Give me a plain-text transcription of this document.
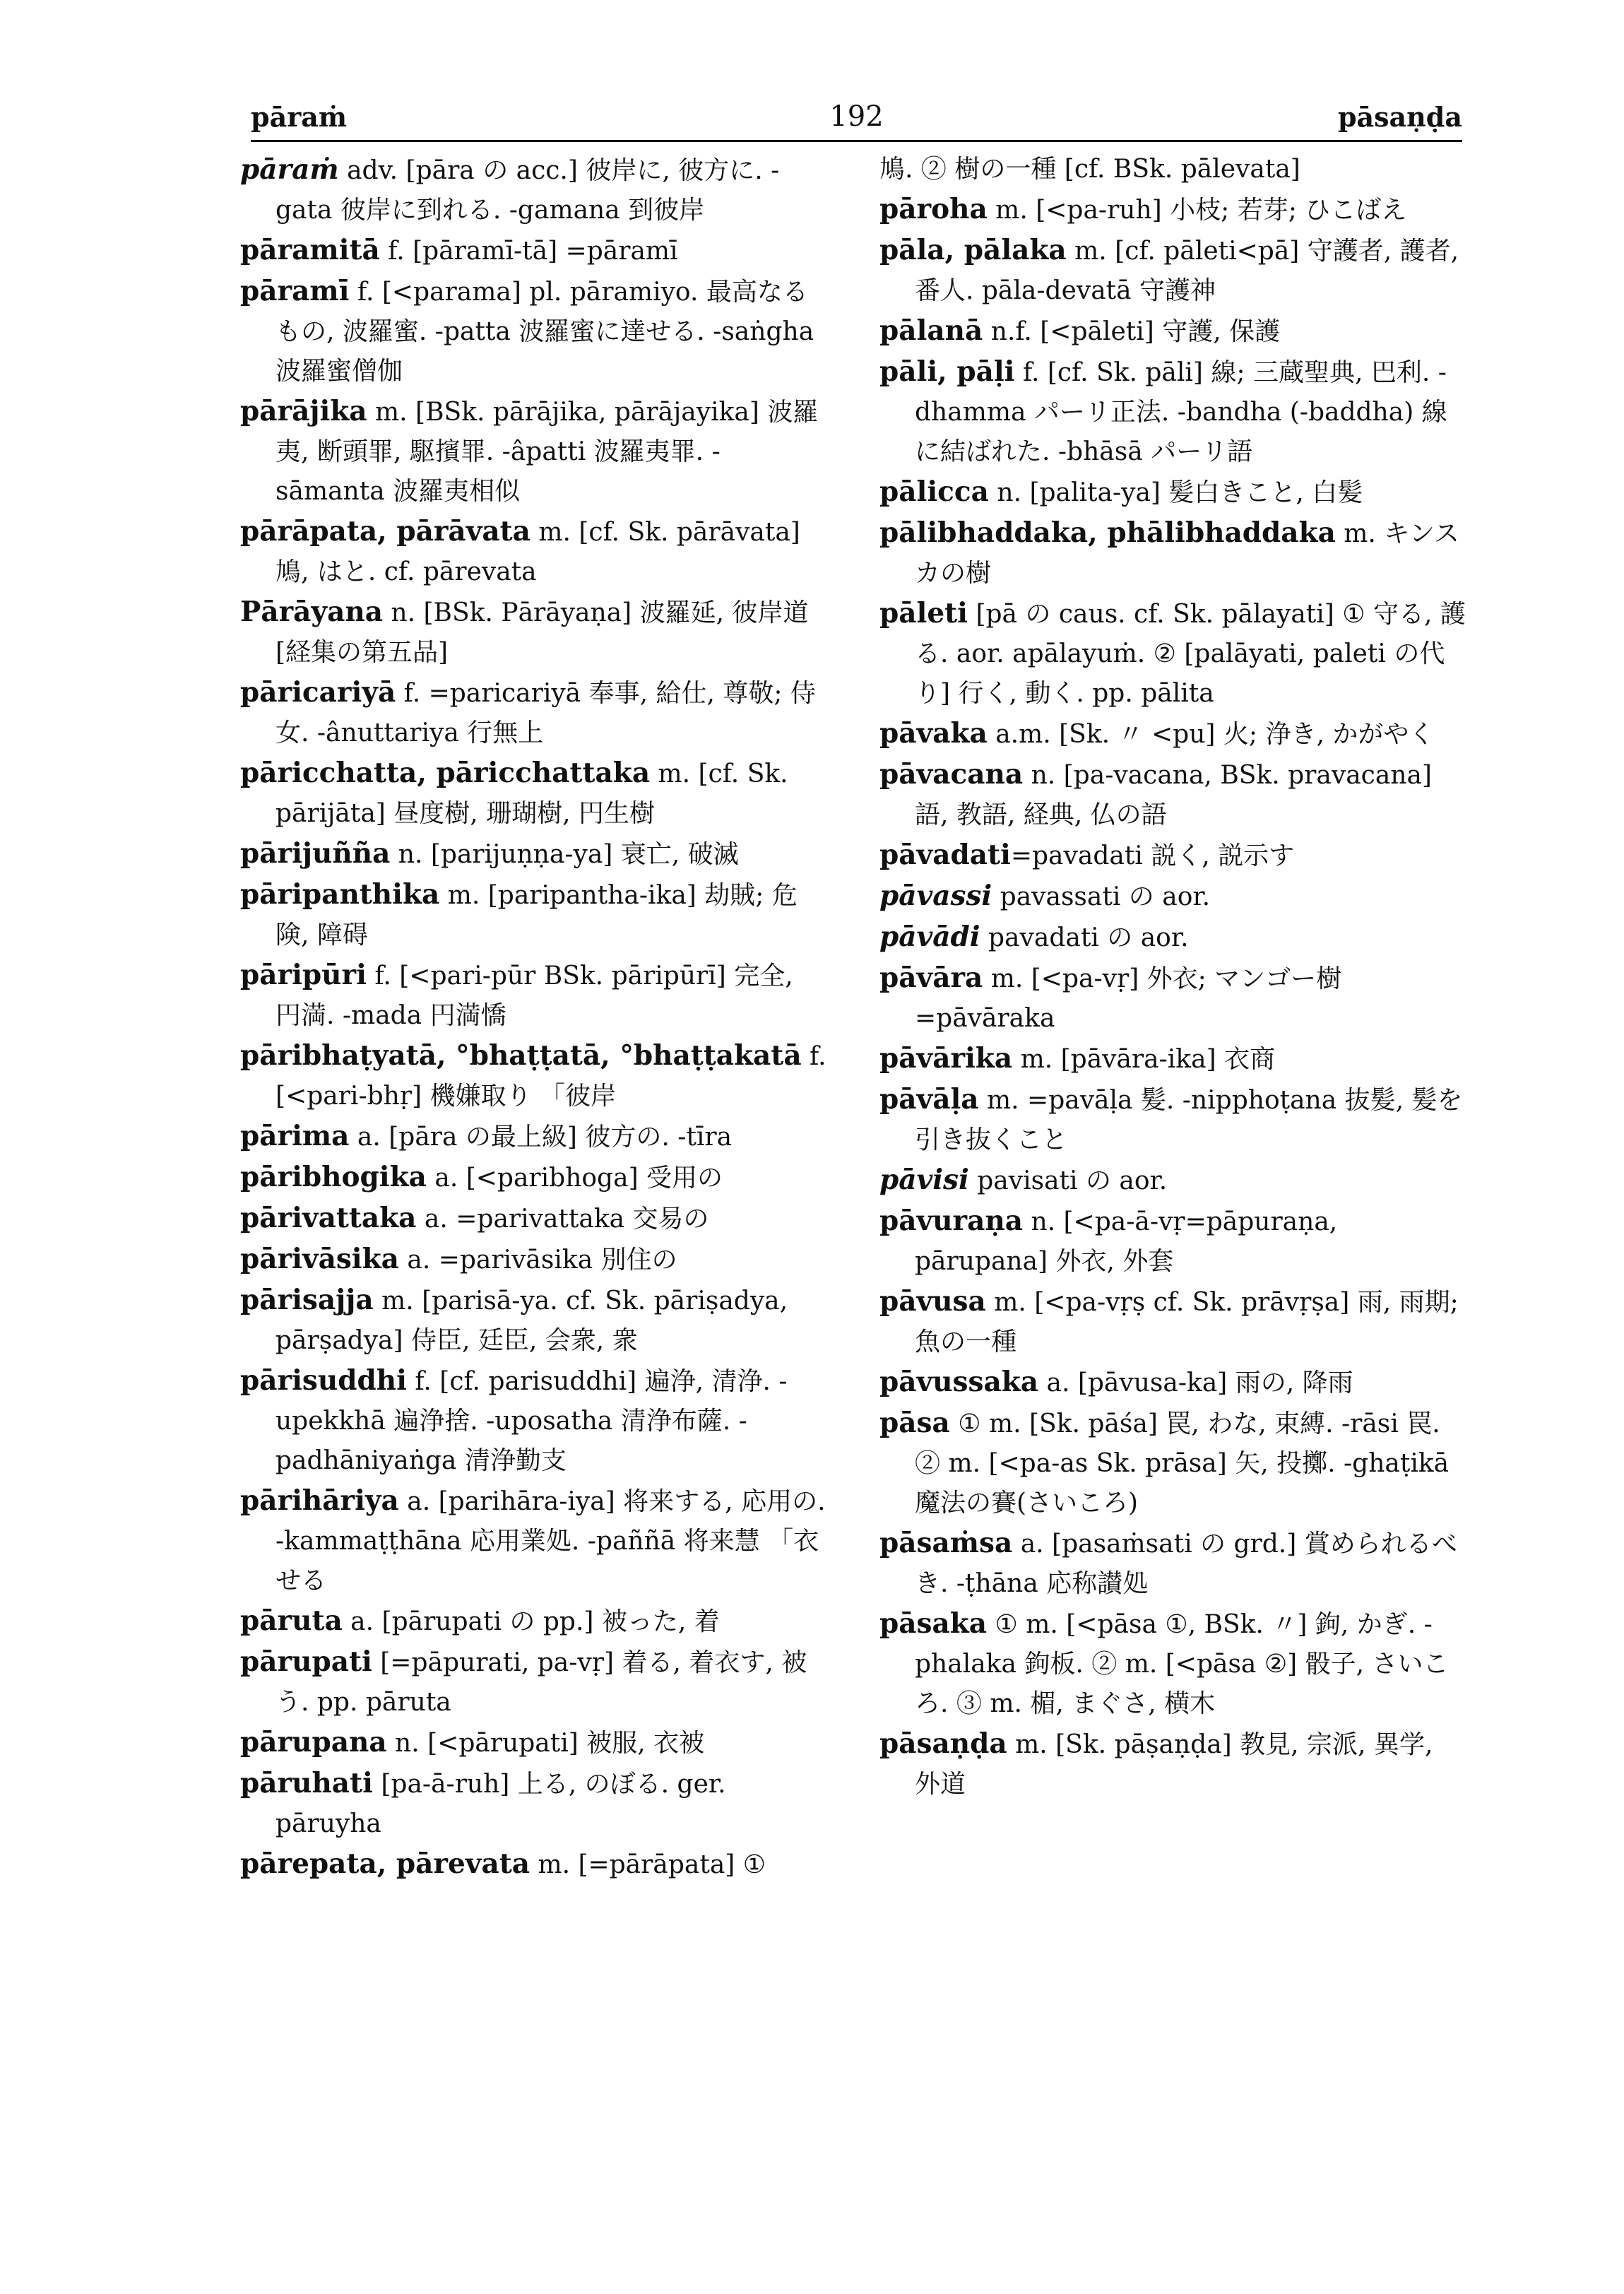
pāraṁ	192	pāsaṇḍa

pāraṁ adv. [pāra の acc.] 彼岸に, 彼方に. -gata 彼岸に到れる. -gamana 到彼岸

pāramitā f. [pāramī-tā] =pāramī

pāramī f. [<parama] pl. pāramiyo. 最高なるもの, 波羅蜜. -patta 波羅蜜に達せる. -saṅgha 波羅蜜僧伽

pārājika m. [BSk. pārājika, pārājayika] 波羅夷, 断頭罪, 駆擯罪. -âpatti 波羅夷罪. -sāmanta 波羅夷相似

pārāpata, pārāvata m. [cf. Sk. pārāvata] 鳩, はと. cf. pārevata

Pārāyana n. [BSk. Pārāyaṇa] 波羅延, 彼岸道[経集の第五品]

pāricariyā f. =paricariyā 奉事, 給仕, 尊敬; 侍女. -ânuttariya 行無上

pāricchatta, pāricchattaka m. [cf. Sk. pārijāta] 昼度樹, 珊瑚樹, 円生樹

pārijuñña n. [parijuṇṇa-ya] 衰亡, 破滅

pāripanthika m. [paripantha-ika] 劫賊; 危険, 障碍

pāripūri f. [<pari-pūr BSk. pāripūrī] 完全, 円満. -mada 円満憍

pāribhaṭyatā, °bhaṭṭatā, °bhaṭṭakatā f. [<pari-bhṛ] 機嫌取り 「彼岸

pārima a. [pāra の最上級] 彼方の. -tīra

pāribhogika a. [<paribhoga] 受用の

pārivattaka a. =parivattaka 交易の

pārivāsika a. =parivāsika 別住の

pārisajja m. [parisā-ya. cf. Sk. pāriṣadya, pārṣadya] 侍臣, 廷臣, 会衆, 衆

pārisuddhi f. [cf. parisuddhi] 遍浄, 清浄. -upekkhā 遍浄捨. -uposatha 清浄布薩. -padhāniyaṅga 清浄勤支

pārihāriya a. [parihāra-iya] 将来する, 応用の. -kammaṭṭhāna 応用業処. -paññā 将来慧 「衣せる

pāruta a. [pārupati の pp.] 被った, 着

pārupati [=pāpurati, pa-vṛ] 着る, 着衣す, 被う. pp. pāruta

pārupana n. [<pārupati] 被服, 衣被

pāruhati [pa-ā-ruh] 上る, のぼる. ger. pāruyha

pārepata, pārevata m. [=pārāpata] ①

鳩. ② 樹の一種 [cf. BSk. pālevata]

pāroha m. [<pa-ruh] 小枝; 若芽; ひこばえ

pāla, pālaka m. [cf. pāleti<pā] 守護者, 護者, 番人. pāla-devatā 守護神

pālanā n.f. [<pāleti] 守護, 保護

pāli, pāḷi f. [cf. Sk. pāli] 線; 三蔵聖典, 巴利. -dhamma パーリ正法. -bandha (-baddha) 線に結ばれた. -bhāsā パーリ語

pālicca n. [palita-ya] 髪白きこと, 白髪

pālibhaddaka, phālibhaddaka m. キンスカの樹

pāleti [pā の caus. cf. Sk. pālayati] ① 守る, 護る. aor. apālayuṁ. ② [palāyati, paleti の代り] 行く, 動く. pp. pālita

pāvaka a.m. [Sk. 〃 <pu] 火; 浄き, かがやく

pāvacana n. [pa-vacana, BSk. pravacana] 語, 教語, 経典, 仏の語

pāvadati=pavadati 説く, 説示す

pāvassi pavassati の aor.

pāvādi pavadati の aor.

pāvāra m. [<pa-vṛ] 外衣; マンゴー樹 =pāvāraka

pāvārika m. [pāvāra-ika] 衣商

pāvāḷa m. =pavāḷa 髪. -nipphoṭana 抜髪, 髪を引き抜くこと

pāvisi pavisati の aor.

pāvuraṇa n. [<pa-ā-vṛ=pāpuraṇa, pārupana] 外衣, 外套

pāvusa m. [<pa-vṛṣ cf. Sk. prāvṛṣa] 雨, 雨期; 魚の一種

pāvussaka a. [pāvusa-ka] 雨の, 降雨

pāsa ① m. [Sk. pāśa] 罠, わな, 束縛. -rāsi 罠. ② m. [<pa-as Sk. prāsa] 矢, 投擲. -ghaṭikā 魔法の賽(さいころ)

pāsaṁsa a. [pasaṁsati の grd.] 賞められるべき. -ṭhāna 応称讃処

pāsaka ① m. [<pāsa ①, BSk. 〃] 鉤, かぎ. -phalaka 鉤板. ② m. [<pāsa ②] 骰子, さいころ. ③ m. 楣, まぐさ, 横木

pāsaṇḍa m. [Sk. pāṣaṇḍa] 教見, 宗派, 異学, 外道
